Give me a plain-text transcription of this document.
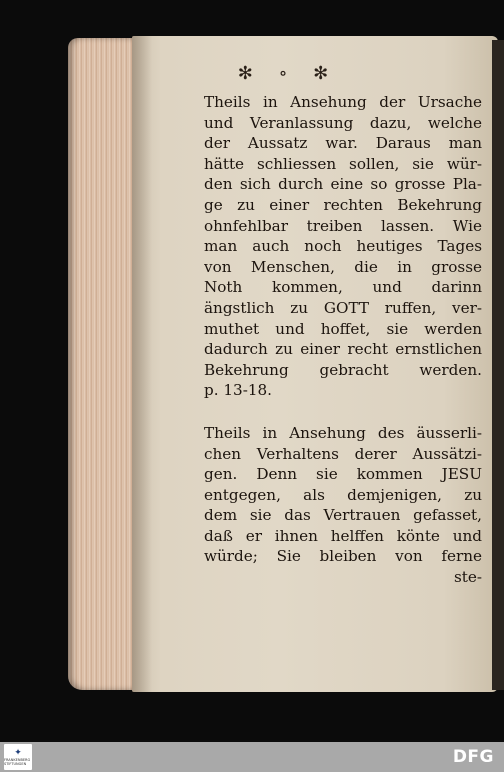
✻ ∘ ✻
Theils in Ansehung der Ursache
und Veranlassung dazu, welche
der Aussatz war. Daraus man
hätte schliessen sollen, sie wür-
den sich durch eine so grosse Pla-
ge zu einer rechten Bekehrung
ohnfehlbar treiben lassen. Wie
man auch noch heutiges Tages
von Menschen, die in grosse
Noth kommen, und darinn
ängstlich zu GOTT ruffen, ver-
muthet und hoffet, sie werden
dadurch zu einer recht ernstlichen
Bekehrung gebracht werden.
p. 13-18.
Theils in Ansehung des äusserli-
chen Verhaltens derer Aussätzi-
gen. Denn sie kommen JESU
entgegen, als demjenigen, zu
dem sie das Vertrauen gefasset,
daß er ihnen helffen könte und
würde; Sie bleiben von ferne
ste-
✦
FRANKENBERG STIFTUNGEN	DFG
